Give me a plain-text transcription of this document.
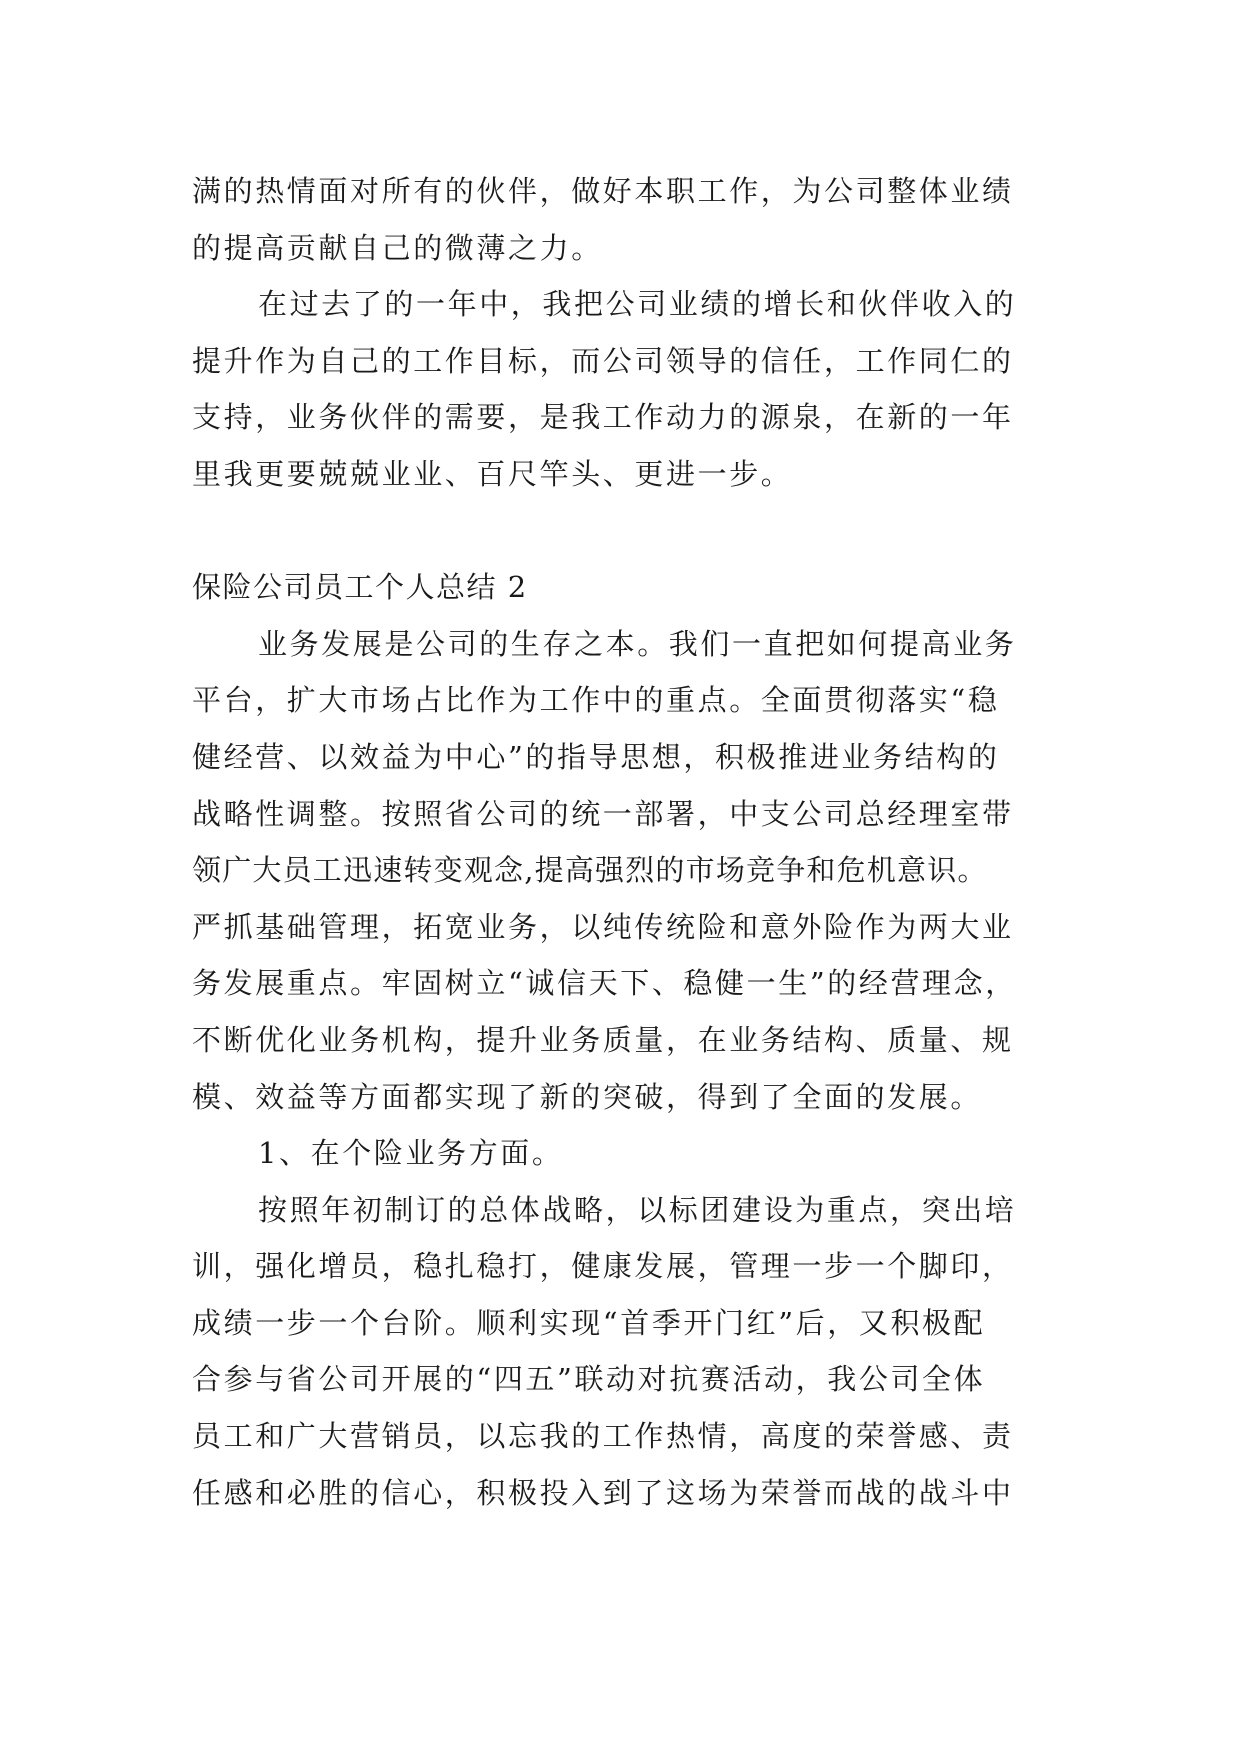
满的热情面对所有的伙伴，做好本职工作，为公司整体业绩
的提高贡献自己的微薄之力。
在过去了的一年中，我把公司业绩的增长和伙伴收入的
提升作为自己的工作目标，而公司领导的信任，工作同仁的
支持，业务伙伴的需要，是我工作动力的源泉，在新的一年
里我更要兢兢业业、百尺竿头、更进一步。
保险公司员工个人总结 2
业务发展是公司的生存之本。我们一直把如何提高业务
平台，扩大市场占比作为工作中的重点。全面贯彻落实“稳
健经营、以效益为中心”的指导思想，积极推进业务结构的
战略性调整。按照省公司的统一部署，中支公司总经理室带
领广大员工迅速转变观念,提高强烈的市场竞争和危机意识。
严抓基础管理，拓宽业务，以纯传统险和意外险作为两大业
务发展重点。牢固树立“诚信天下、稳健一生”的经营理念，
不断优化业务机构，提升业务质量，在业务结构、质量、规
模、效益等方面都实现了新的突破，得到了全面的发展。
1、在个险业务方面。
按照年初制订的总体战略，以标团建设为重点，突出培
训，强化增员，稳扎稳打，健康发展，管理一步一个脚印，
成绩一步一个台阶。顺利实现“首季开门红”后，又积极配
合参与省公司开展的“四五”联动对抗赛活动，我公司全体
员工和广大营销员，以忘我的工作热情，高度的荣誉感、责
任感和必胜的信心，积极投入到了这场为荣誉而战的战斗中
